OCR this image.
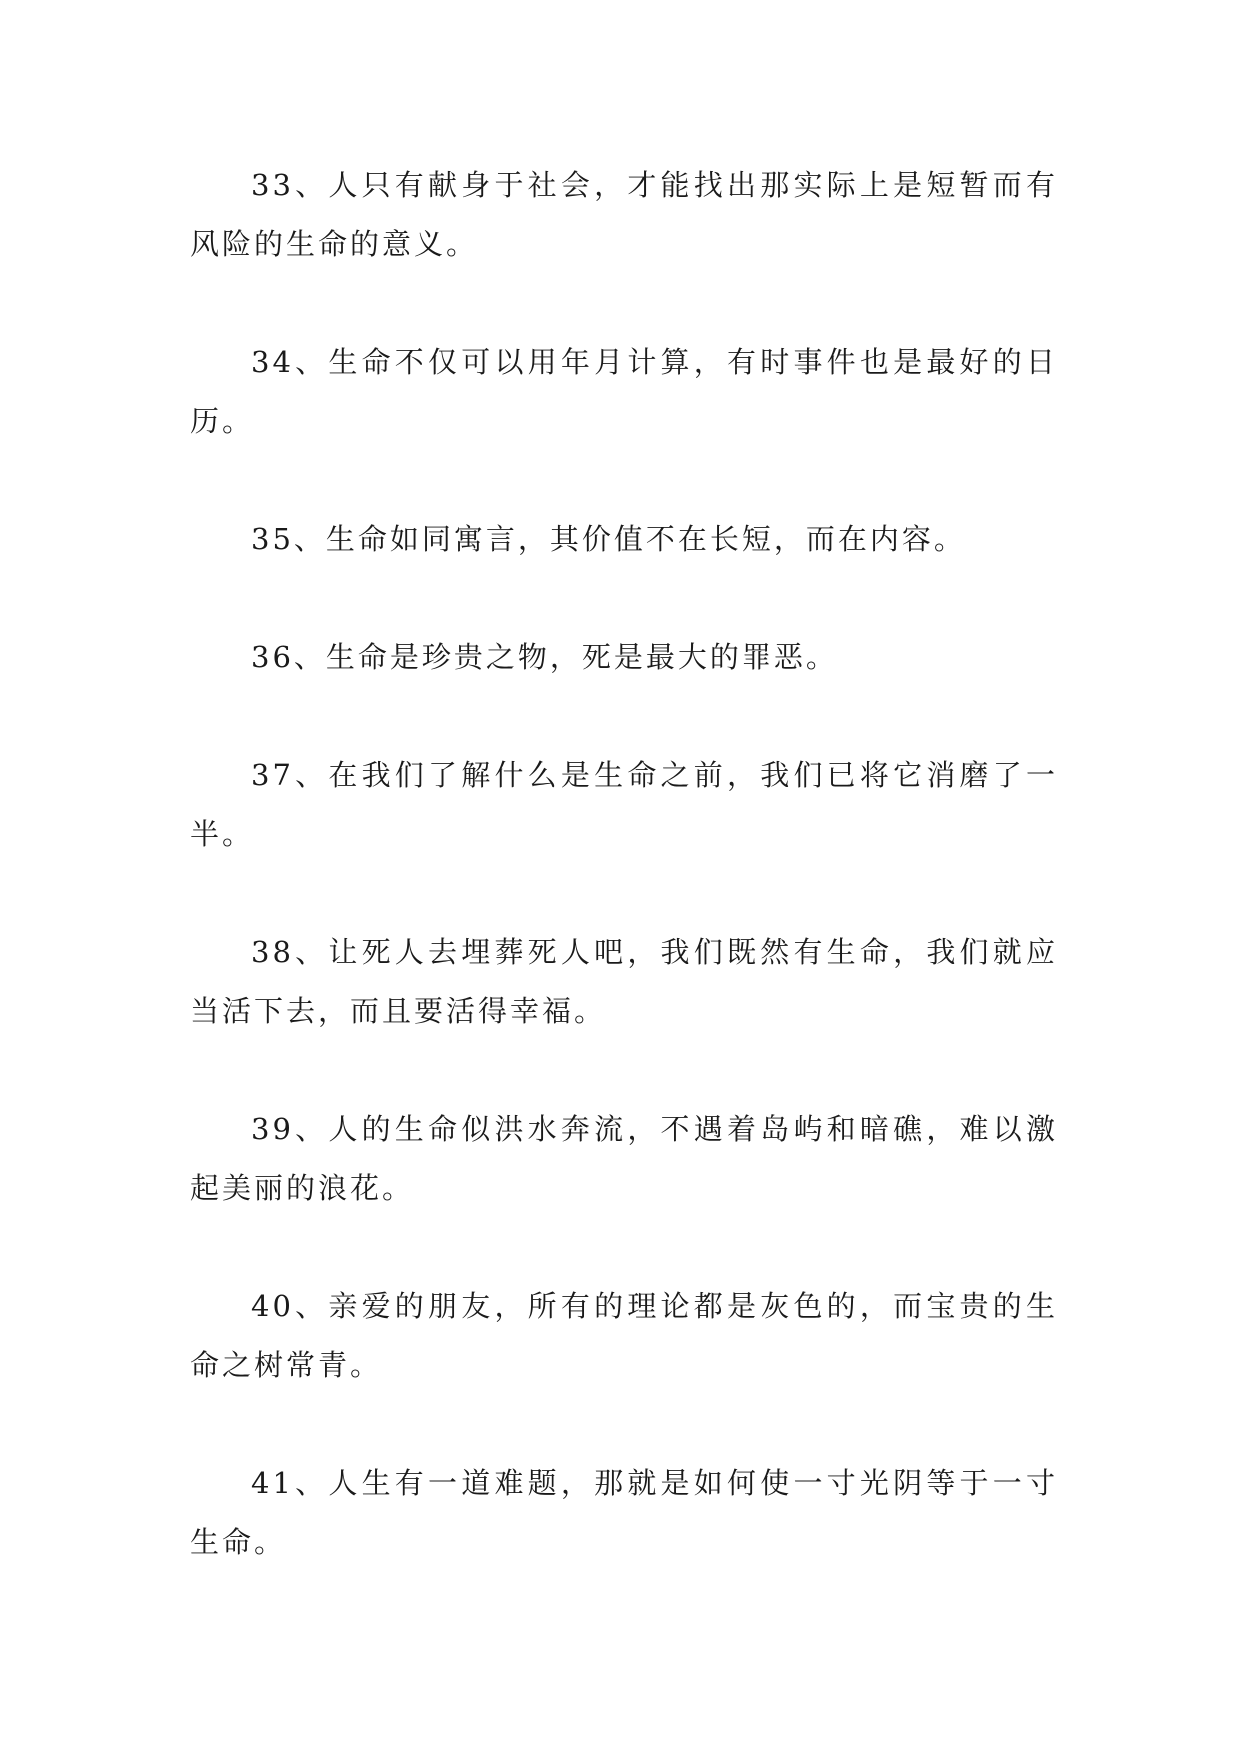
33、人只有献身于社会，才能找出那实际上是短暂而有风险的生命的意义。

34、生命不仅可以用年月计算，有时事件也是最好的日历。

35、生命如同寓言，其价值不在长短，而在内容。

36、生命是珍贵之物，死是最大的罪恶。

37、在我们了解什么是生命之前，我们已将它消磨了一半。

38、让死人去埋葬死人吧，我们既然有生命，我们就应当活下去，而且要活得幸福。

39、人的生命似洪水奔流，不遇着岛屿和暗礁，难以激起美丽的浪花。

40、亲爱的朋友，所有的理论都是灰色的，而宝贵的生命之树常青。

41、人生有一道难题，那就是如何使一寸光阴等于一寸生命。
